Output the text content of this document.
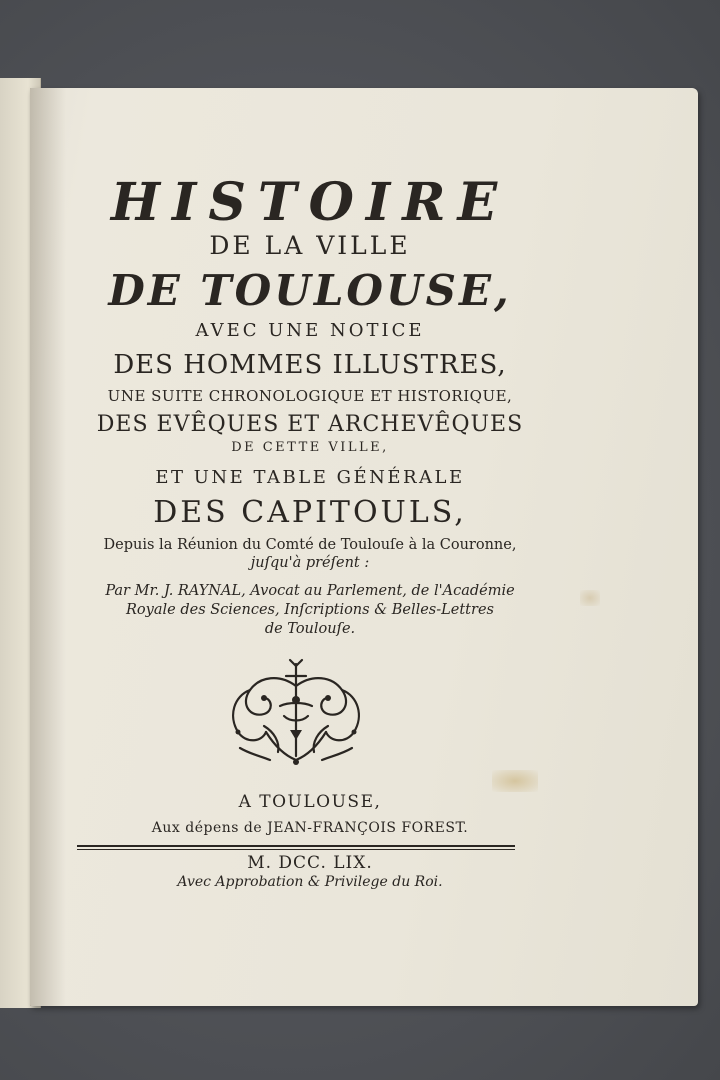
HISTOIRE
DE LA VILLE
DE TOULOUSE,
AVEC UNE NOTICE
DES HOMMES ILLUSTRES,
UNE SUITE CHRONOLOGIQUE ET HISTORIQUE,
DES EVÊQUES ET ARCHEVÊQUES
DE CETTE VILLE,
ET UNE TABLE GÉNÉRALE
DES CAPITOULS,
Depuis la Réunion du Comté de Toulouſe à la Couronne,
juſqu'à préſent :
Par Mr. J. RAYNAL, Avocat au Parlement, de l'Académie
Royale des Sciences, Inſcriptions & Belles-Lettres
de Toulouſe.
A TOULOUSE,
Aux dépens de JEAN-FRANÇOIS FOREST.
M. DCC. LIX.
Avec Approbation & Privilege du Roi.
